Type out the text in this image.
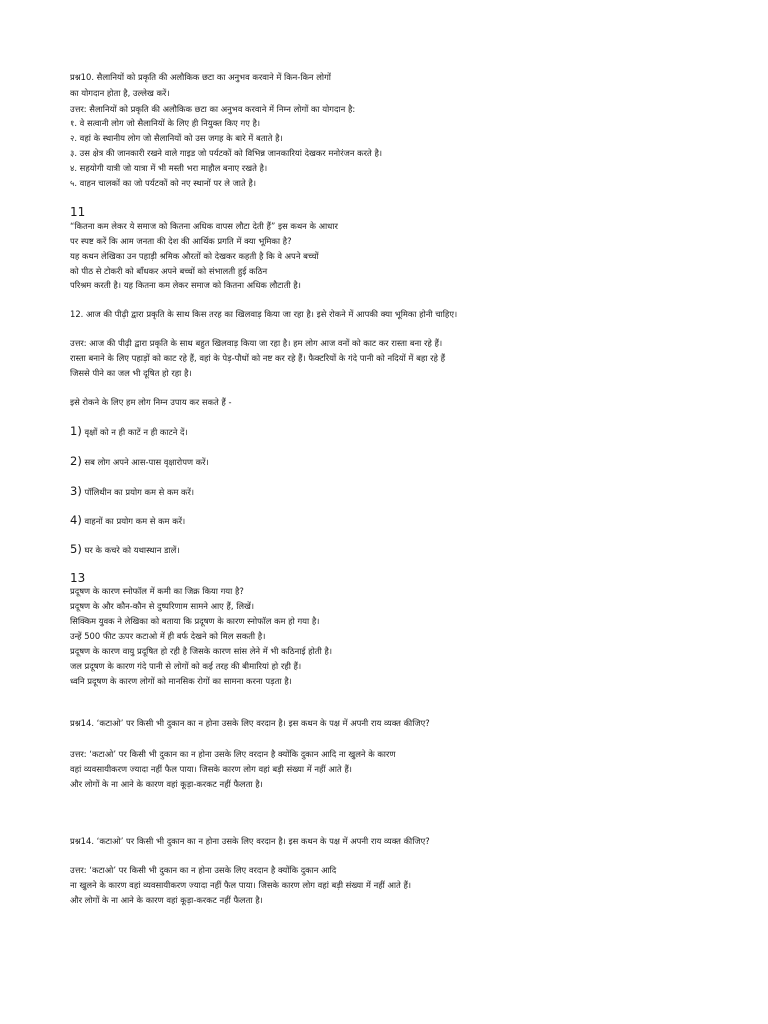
प्रश्न10. सैलानियों को प्रकृति की अलौकिक छटा का अनुभव करवाने में किन-किन लोगों
का योगदान होता है, उल्लेख करें।
उत्तर: सैलानियों को प्रकृति की अलौकिक छटा का अनुभव करवाने में निम्न लोगों का योगदान है:
१. वे सत्वानी लोग जो सैलानियों के लिए ही नियुक्त किए गए है।
२. वहां के स्थानीय लोग जो सैलानियों को उस जगह के बारे में बताते है।
३. उस क्षेत्र की जानकारी रखने वाले गाइड जो पर्यटकों को विभिन्न जानकारियां देखकर मनोरंजन करते है।
४. सहयोगी यात्री जो यात्रा में भी मस्ती भरा माहौल बनाए रखते है।
५. वाहन चालकों का जो पर्यटकों को नए स्थानों पर ले जाते है।
11
“कितना कम लेकर ये समाज को कितना अधिक वापस लौटा देती हैं” इस कथन के आधार
पर स्पष्ट करें कि आम जनता की देश की आर्थिक प्रगति में क्या भूमिका है?
यह कथन लेखिका उन पहाड़ी श्रमिक औरतों को देखकर कहती है कि वे अपने बच्चों
को पीठ से टोकरी को बाँधकर अपने बच्चों को संभालती हुई कठिन
परिश्रम करती है। यह कितना कम लेकर समाज को कितना अधिक लौटाती है।
12. आज की पीढ़ी द्वारा प्रकृति के साथ किस तरह का खिलवाड़ किया जा रहा है। इसे रोकने में आपकी क्या भूमिका होनी चाहिए।
उत्तर: आज की पीढ़ी द्वारा प्रकृति के साथ बहुत खिलवाड़ किया जा रहा है। हम लोग आज वनों को काट कर रास्ता बना रहे हैं।
रास्ता बनाने के लिए पहाड़ों को काट रहे हैं, वहां के पेड़-पौधों को नष्ट कर रहे हैं। फैक्टरियों के गंदे पानी को नदियों में बहा रहे हैं
जिससे पीने का जल भी दूषित हो रहा है।
इसे रोकने के लिए हम लोग निम्न उपाय कर सकते हैं -
1) वृक्षों को न ही काटें न ही काटने दें।
2) सब लोग अपने आस-पास वृक्षारोपण करें।
3) पॉलिथीन का प्रयोग कम से कम करें।
4) वाहनों का प्रयोग कम से कम करें।
5) घर के कचरे को यथास्थान डालें।
13
प्रदूषण के कारण स्नोफॉल में कमी का जिक्र किया गया है?
प्रदूषण के और कौन-कौन से दुष्परिणाम सामने आए हैं, लिखें।
सिक्किम युवक ने लेखिका को बताया कि प्रदूषण के कारण स्नोफॉल कम हो गया है।
उन्हें 500 फीट ऊपर कटाओ में ही बर्फ देखने को मिल सकती है।
प्रदूषण के कारण वायु प्रदूषित हो रही है जिसके कारण सांस लेने में भी कठिनाई होती है।
जल प्रदूषण के कारण गंदे पानी से लोगों को कई तरह की बीमारियां हो रही हैं।
ध्वनि प्रदूषण के कारण लोगों को मानसिक रोगों का सामना करना पड़ता है।
प्रश्न14. ‘कटाओ’ पर किसी भी दुकान का न होना उसके लिए वरदान है। इस कथन के पक्ष में अपनी राय व्यक्त कीजिए?
उत्तर: ‘कटाओ’ पर किसी भी दुकान का न होना उसके लिए वरदान है क्योंकि दुकान आदि ना खुलने के कारण
वहां व्यवसायीकरण ज्यादा नहीं फैल पाया। जिसके कारण लोग वहां बड़ी संख्या में नहीं आते हैं।
और लोगों के ना आने के कारण वहां कूड़ा-करकट नहीं फैलता है।
प्रश्न14. ‘कटाओ’ पर किसी भी दुकान का न होना उसके लिए वरदान है। इस कथन के पक्ष में अपनी राय व्यक्त कीजिए?
उत्तर: ‘कटाओ’ पर किसी भी दुकान का न होना उसके लिए वरदान है क्योंकि दुकान आदि
ना खुलने के कारण वहां व्यवसायीकरण ज्यादा नहीं फैल पाया। जिसके कारण लोग वहां बड़ी संख्या में नहीं आते हैं।
और लोगों के ना आने के कारण वहां कूड़ा-करकट नहीं फैलता है।
